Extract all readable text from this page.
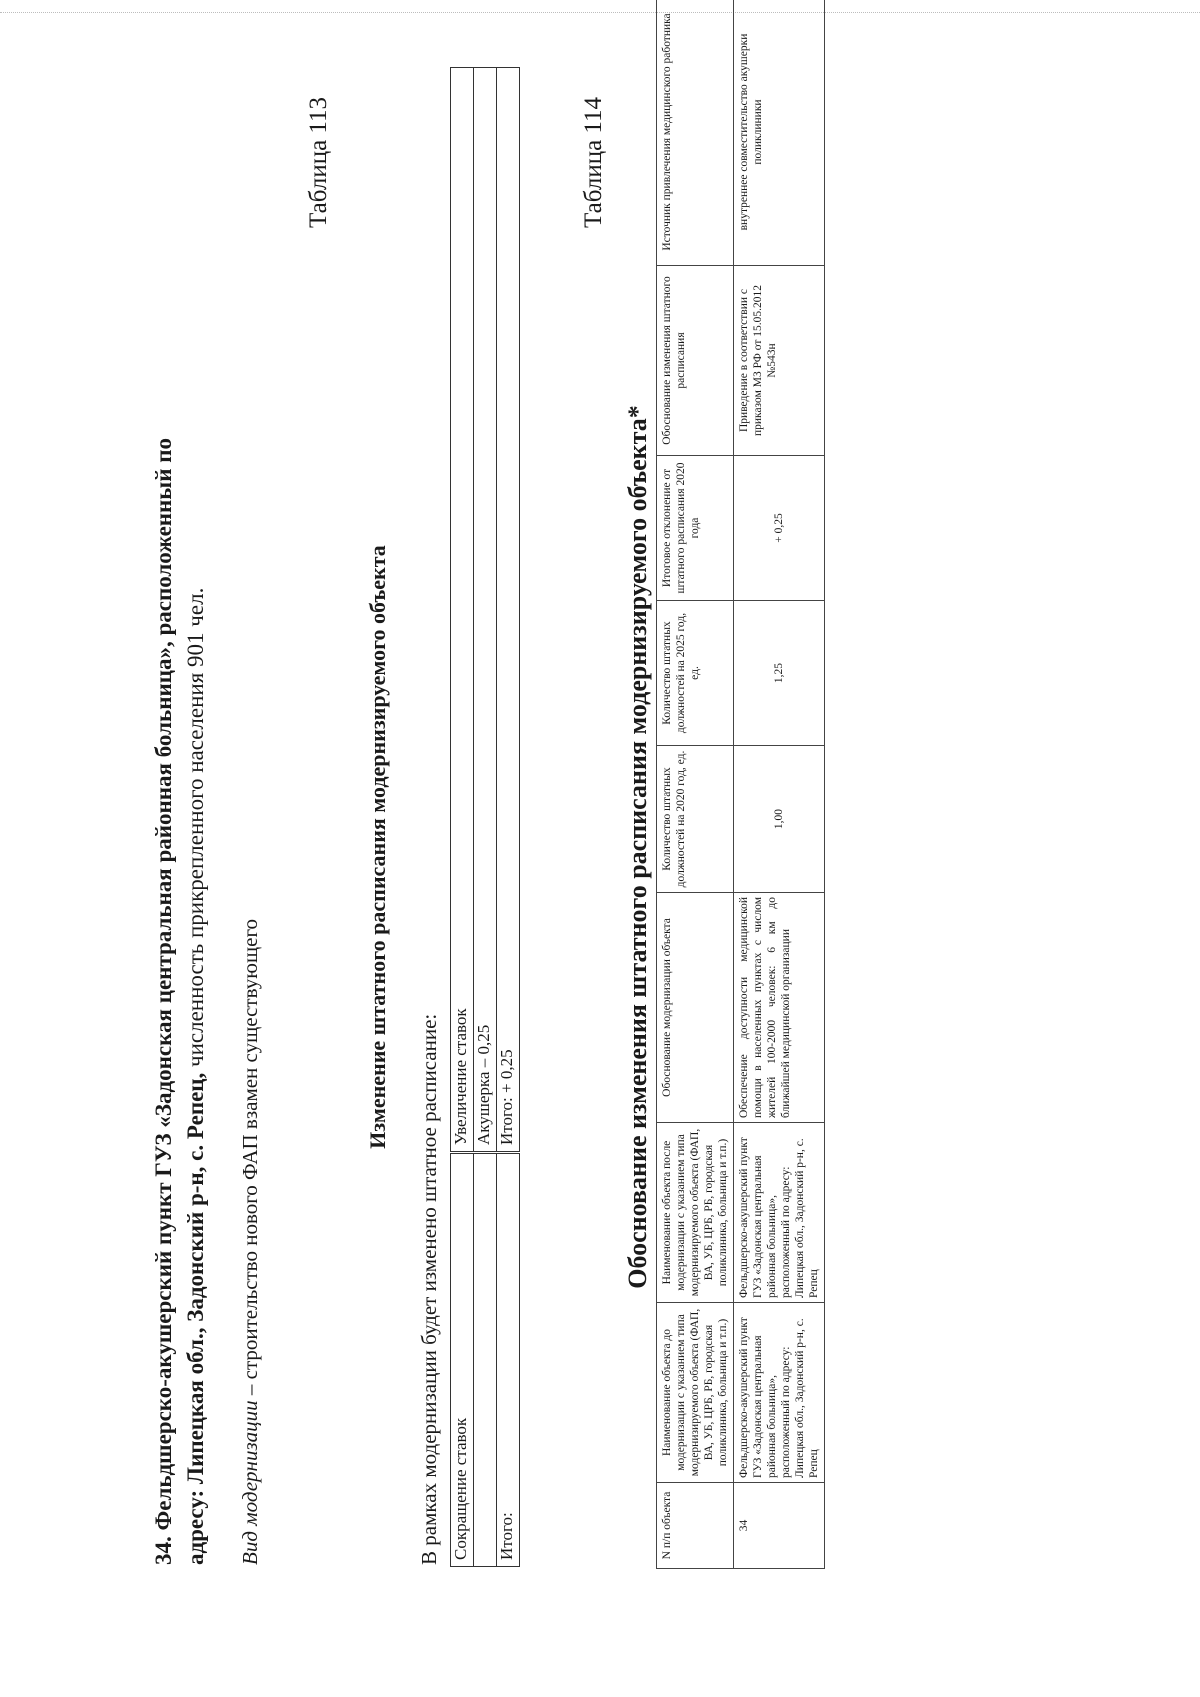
34. Фельдшерско-акушерский пункт ГУЗ «Задонская центральная районная больница», расположенный по адресу: Липецкая обл., Задонский р-н, с. Репец, численность прикрепленного населения 901 чел.
Вид модернизации – строительство нового ФАП взамен существующего
Таблица 113
Изменение штатного расписания модернизируемого объекта
В рамках модернизации будет изменено штатное расписание: Сокращение ставок	Увеличение ставок
	Акушерка – 0,25
Итого:	Итого: + 0,25
Таблица 114
Обоснование изменения штатного расписания модернизируемого объекта*
N п/п объекта	Наименование объекта до модернизации с указанием типа модернизируемого объекта (ФАП, ВА, УБ, ЦРБ, РБ, городская поликлиника, больница и т.п.)	Наименование объекта после модернизации с указанием типа модернизируемого объекта (ФАП, ВА, УБ, ЦРБ, РБ, городская поликлиника, больница и т.п.)	Обоснование модернизации объекта	Количество штатных должностей на 2020 год, ед.	Количество штатных должностей на 2025 год, ед.	Итоговое отклонение от штатного расписания 2020 года	Обоснование изменения штатного расписания	Источник привлечения медицинского работника
34	Фельдшерско-акушерский пункт ГУЗ «Задонская центральная районная больница», расположенный по адресу: Липецкая обл., Задонский р-н, с. Репец	Фельдшерско-акушерский пункт ГУЗ «Задонская центральная районная больница», расположенный по адресу: Липецкая обл., Задонский р-н, с. Репец	Обеспечение доступности медицинской помощи в населенных пунктах с числом жителей 100-2000 человек: 6 км до ближайшей медицинской организации	1,00	1,25	+ 0,25	Приведение в соответствии с приказом МЗ РФ от 15.05.2012 №543н	внутреннее совместительство акушерки поликлиники
